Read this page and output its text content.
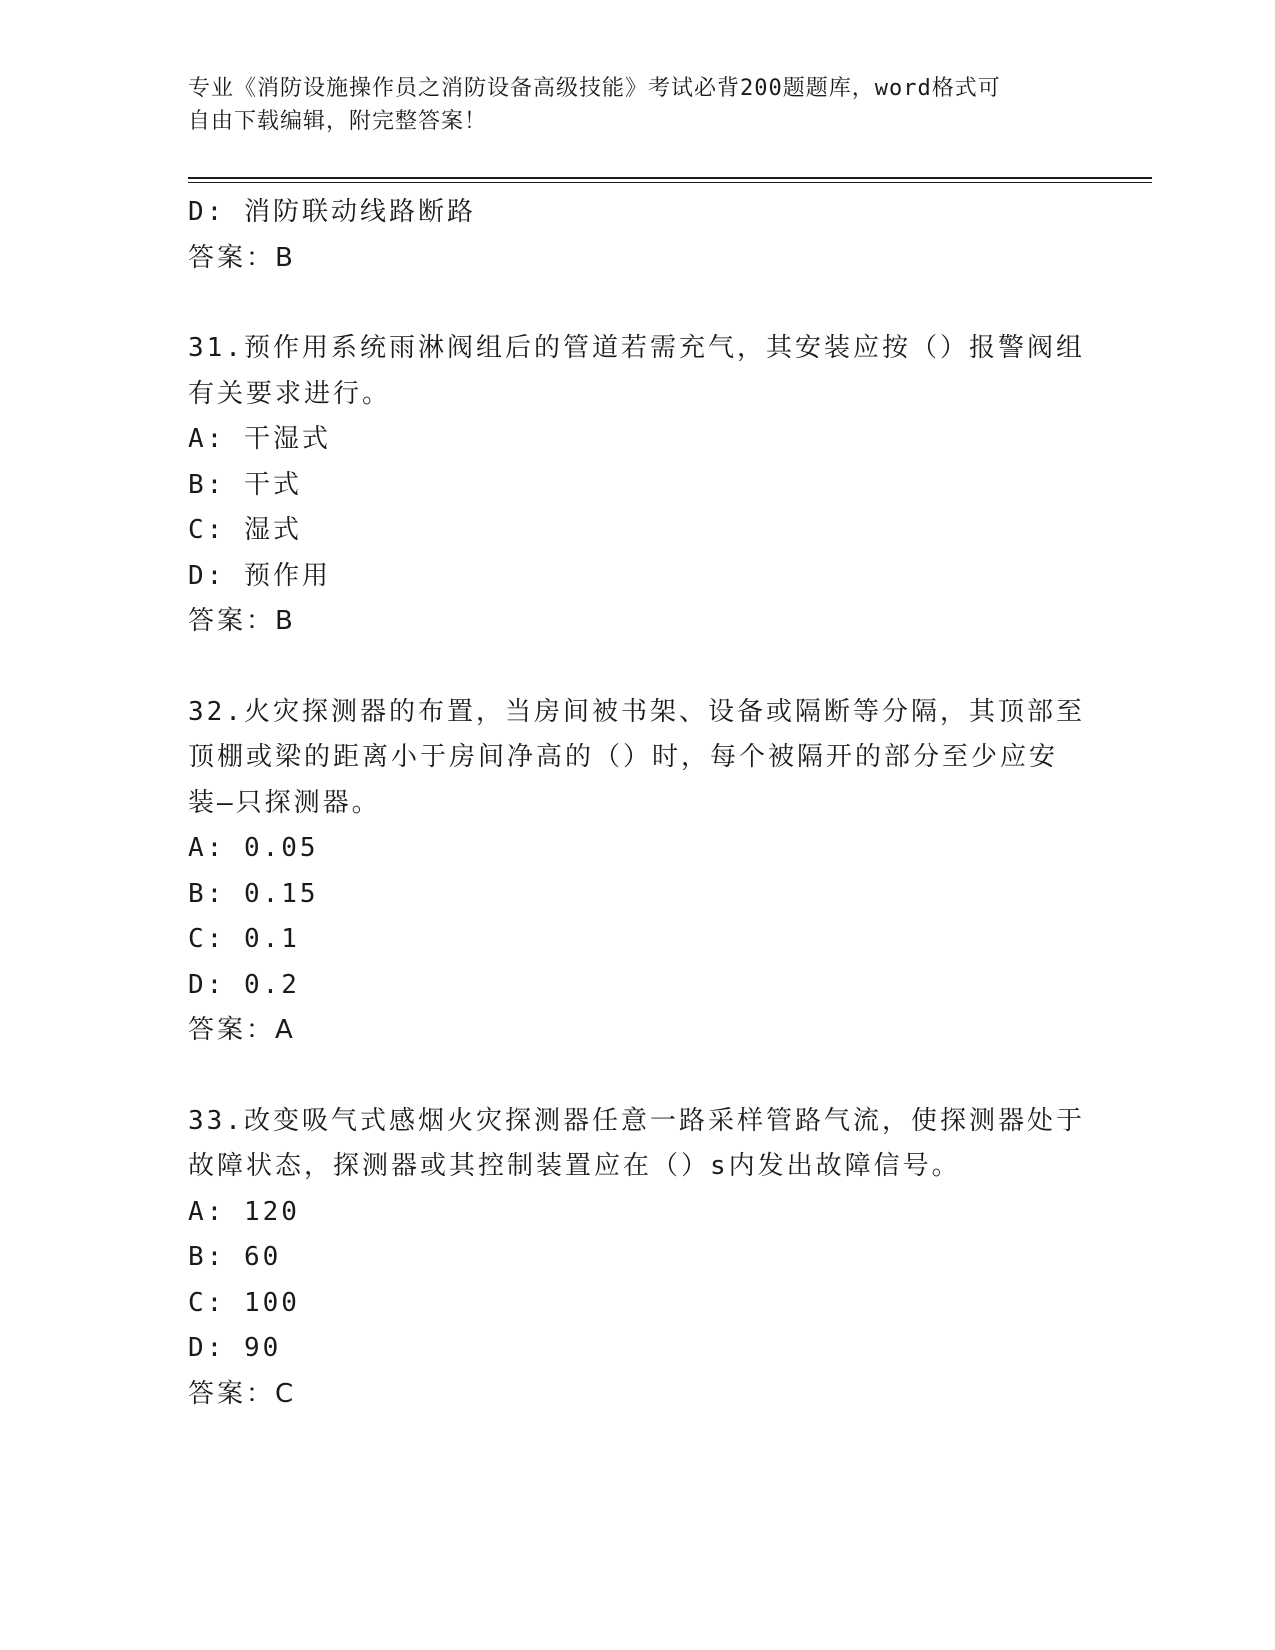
专业《消防设施操作员之消防设备高级技能》考试必背200题题库，word格式可
自由下载编辑，附完整答案！
D: 消防联动线路断路
答案：B
31.预作用系统雨淋阀组后的管道若需充气，其安装应按（）报警阀组
有关要求进行。
A: 干湿式
B: 干式
C: 湿式
D: 预作用
答案：B
32.火灾探测器的布置，当房间被书架、设备或隔断等分隔，其顶部至
顶棚或梁的距离小于房间净高的（）时，每个被隔开的部分至少应安
装—只探测器。
A: 0.05
B: 0.15
C: 0.1
D: 0.2
答案：A
33.改变吸气式感烟火灾探测器任意一路采样管路气流，使探测器处于
故障状态，探测器或其控制装置应在（）s内发出故障信号。
A: 120
B: 60
C: 100
D: 90
答案：C
